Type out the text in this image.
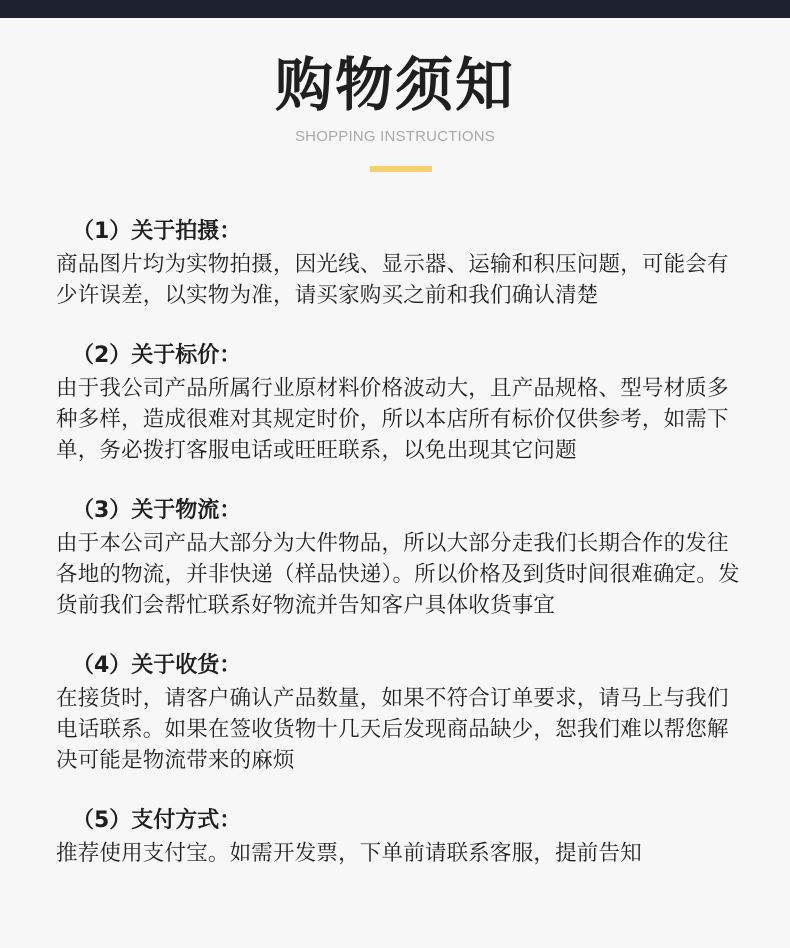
购物须知
SHOPPING INSTRUCTIONS
（1）关于拍摄：

商品图片均为实物拍摄，因光线、显示器、运输和积压问题，可能会有少许误差，以实物为准，请买家购买之前和我们确认清楚

（2）关于标价：

由于我公司产品所属行业原材料价格波动大，且产品规格、型号材质多种多样，造成很难对其规定时价，所以本店所有标价仅供参考，如需下单，务必拨打客服电话或旺旺联系，以免出现其它问题

（3）关于物流：

由于本公司产品大部分为大件物品，所以大部分走我们长期合作的发往各地的物流，并非快递（样品快递）。所以价格及到货时间很难确定。发货前我们会帮忙联系好物流并告知客户具体收货事宜

（4）关于收货：

在接货时，请客户确认产品数量，如果不符合订单要求，请马上与我们电话联系。如果在签收货物十几天后发现商品缺少，恕我们难以帮您解决可能是物流带来的麻烦

（5）支付方式：

推荐使用支付宝。如需开发票，下单前请联系客服，提前告知
